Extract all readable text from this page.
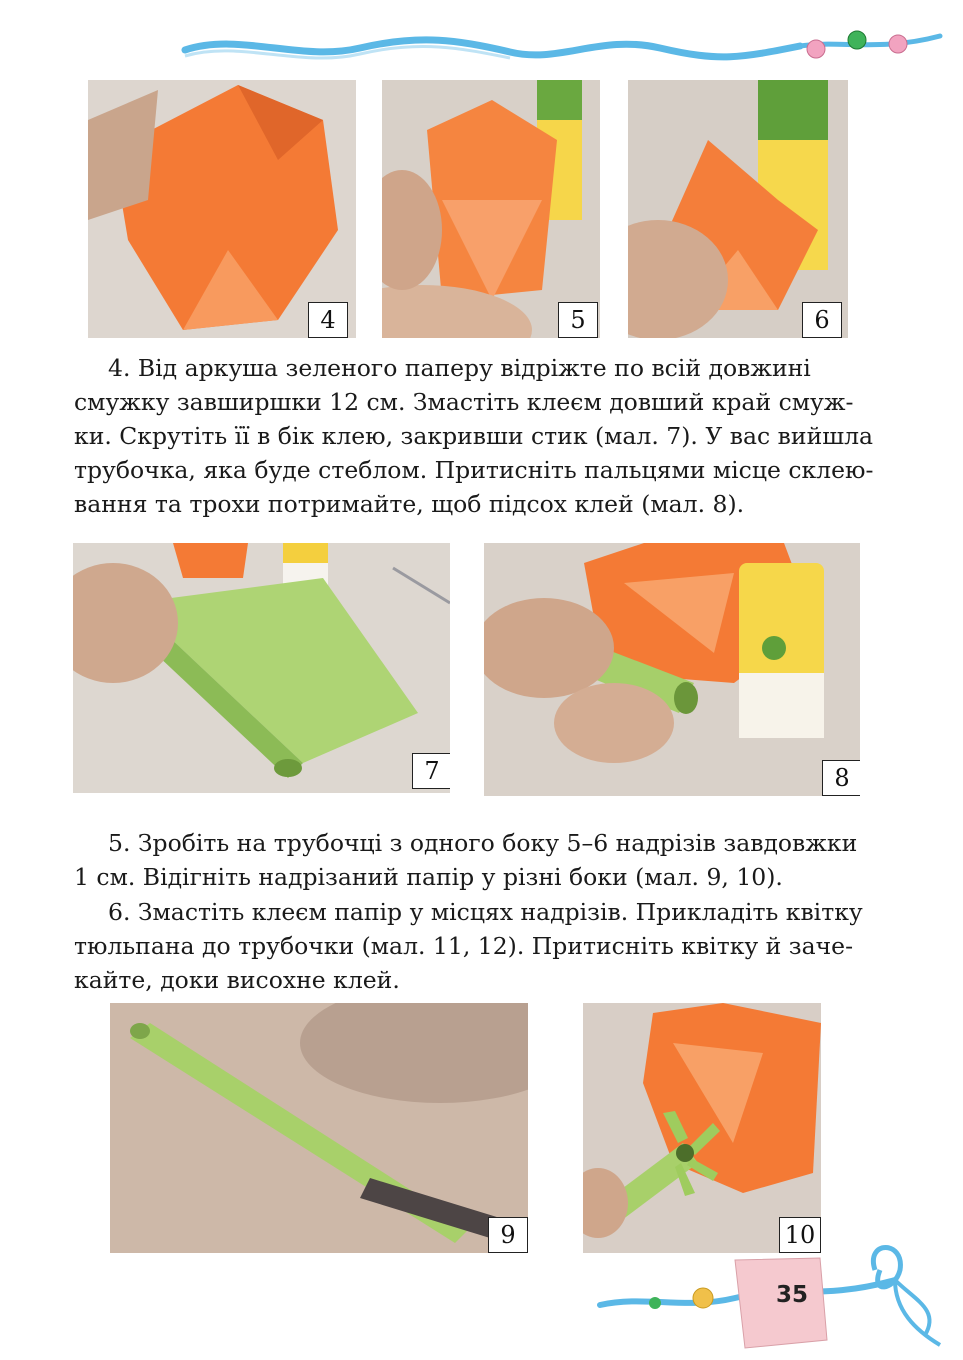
4	5	6
4. Від аркуша зеленого паперу відріжте по всій довжині
смужку завширшки 12 см. Змастіть клеєм довший край смуж-
ки. Скрутіть її в бік клею, закривши стик (мал. 7). У вас вийшла
трубочка, яка буде стеблом. Притисніть пальцями місце склею-
вання та трохи потримайте, щоб підсох клей (мал. 8).
7	8
5. Зробіть на трубочці з одного боку 5–6 надрізів завдовжки
1 см. Відігніть надрізаний папір у різні боки (мал. 9, 10).
6. Змастіть клеєм папір у місцях надрізів. Прикладіть квітку
тюльпана до трубочки (мал. 11, 12). Притисніть квітку й заче-
кайте, доки висохне клей.
9	10
35
